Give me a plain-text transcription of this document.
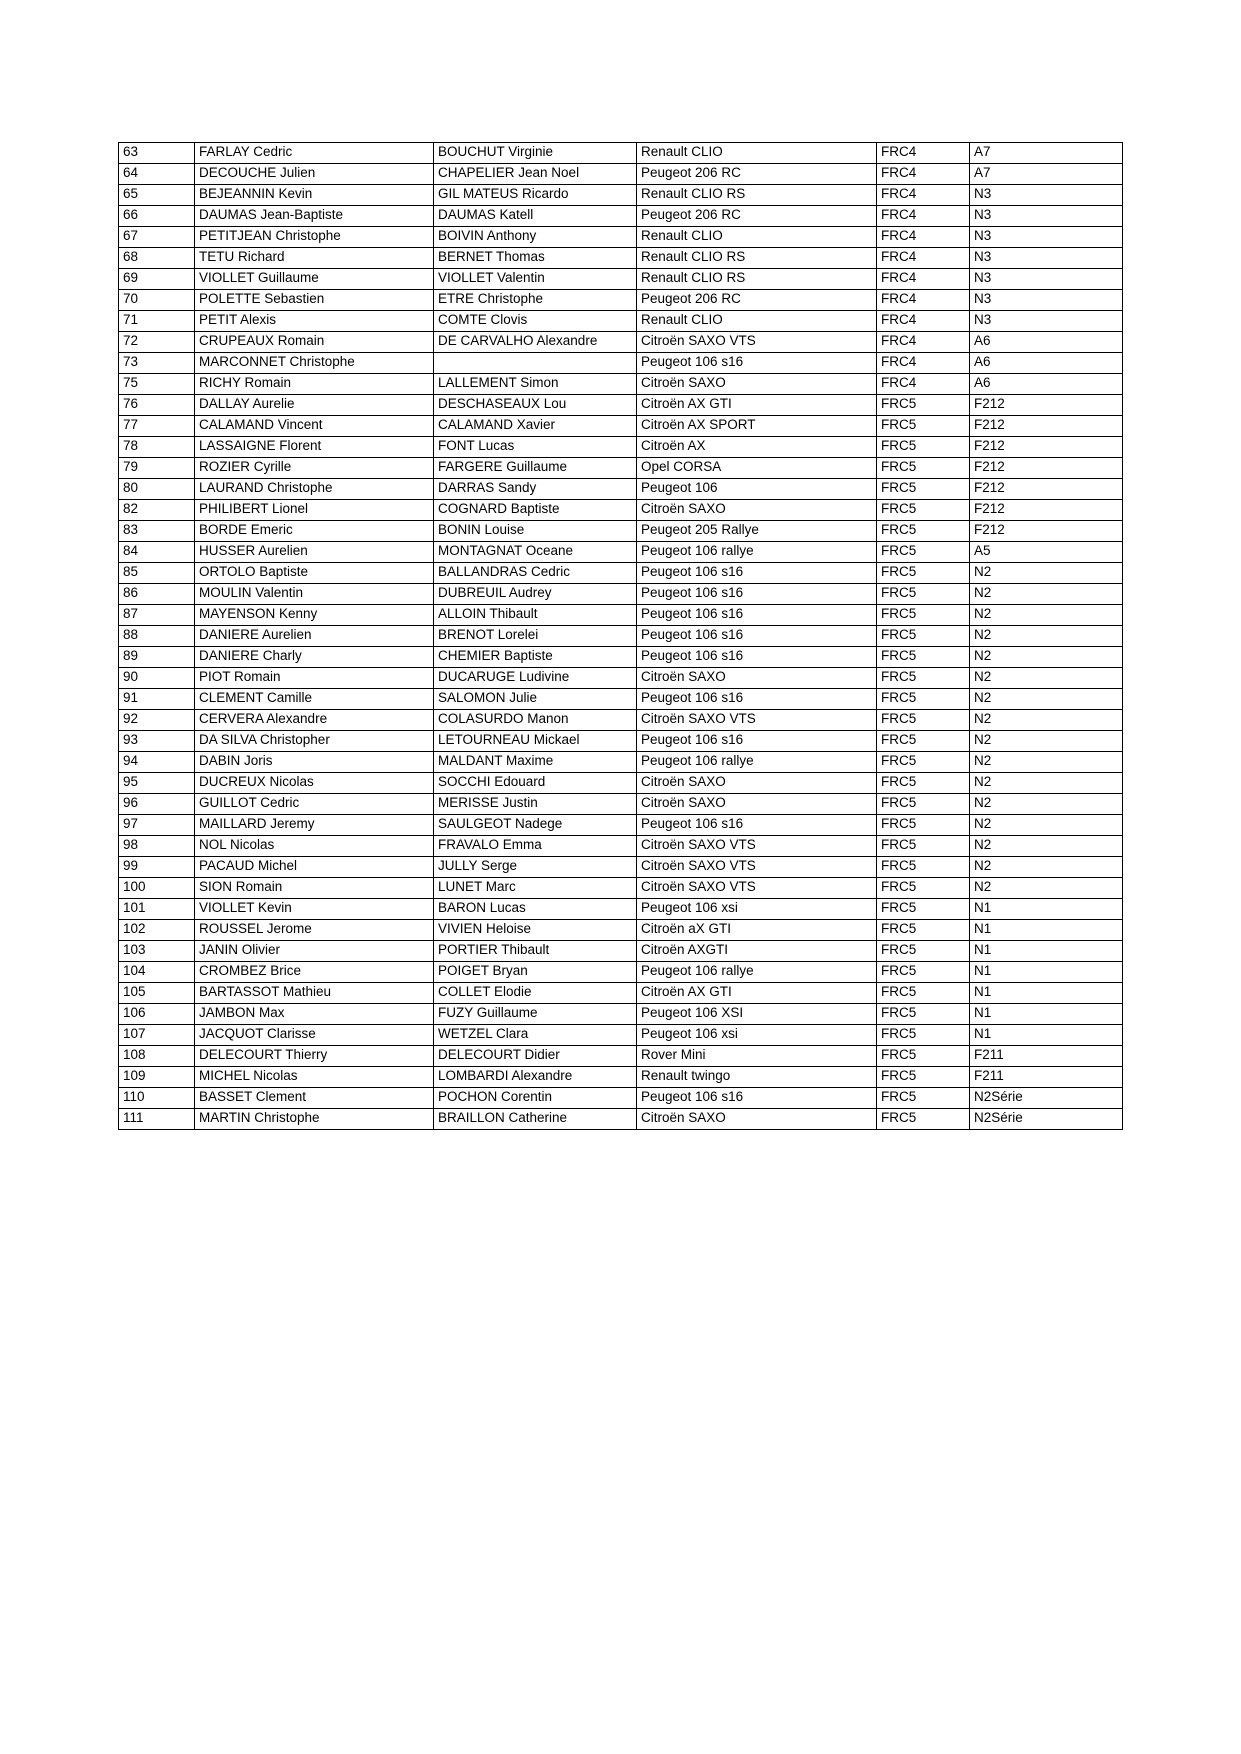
63	FARLAY Cedric	BOUCHUT Virginie	Renault CLIO	FRC4	A7
64	DECOUCHE Julien	CHAPELIER Jean Noel	Peugeot 206 RC	FRC4	A7
65	BEJEANNIN Kevin	GIL MATEUS Ricardo	Renault CLIO RS	FRC4	N3
66	DAUMAS Jean-Baptiste	DAUMAS Katell	Peugeot 206 RC	FRC4	N3
67	PETITJEAN Christophe	BOIVIN Anthony	Renault CLIO	FRC4	N3
68	TETU Richard	BERNET Thomas	Renault CLIO RS	FRC4	N3
69	VIOLLET Guillaume	VIOLLET Valentin	Renault CLIO RS	FRC4	N3
70	POLETTE Sebastien	ETRE Christophe	Peugeot 206 RC	FRC4	N3
71	PETIT Alexis	COMTE Clovis	Renault CLIO	FRC4	N3
72	CRUPEAUX Romain	DE CARVALHO Alexandre	Citroën SAXO VTS	FRC4	A6
73	MARCONNET Christophe		Peugeot 106 s16	FRC4	A6
75	RICHY Romain	LALLEMENT Simon	Citroën SAXO	FRC4	A6
76	DALLAY Aurelie	DESCHASEAUX Lou	Citroën AX GTI	FRC5	F212
77	CALAMAND Vincent	CALAMAND Xavier	Citroën AX SPORT	FRC5	F212
78	LASSAIGNE Florent	FONT Lucas	Citroën AX	FRC5	F212
79	ROZIER Cyrille	FARGERE Guillaume	Opel CORSA	FRC5	F212
80	LAURAND Christophe	DARRAS Sandy	Peugeot 106	FRC5	F212
82	PHILIBERT Lionel	COGNARD Baptiste	Citroën SAXO	FRC5	F212
83	BORDE Emeric	BONIN Louise	Peugeot 205 Rallye	FRC5	F212
84	HUSSER Aurelien	MONTAGNAT Oceane	Peugeot 106 rallye	FRC5	A5
85	ORTOLO Baptiste	BALLANDRAS Cedric	Peugeot 106 s16	FRC5	N2
86	MOULIN Valentin	DUBREUIL Audrey	Peugeot 106 s16	FRC5	N2
87	MAYENSON Kenny	ALLOIN Thibault	Peugeot 106 s16	FRC5	N2
88	DANIERE Aurelien	BRENOT Lorelei	Peugeot 106 s16	FRC5	N2
89	DANIERE Charly	CHEMIER Baptiste	Peugeot 106 s16	FRC5	N2
90	PIOT Romain	DUCARUGE Ludivine	Citroën SAXO	FRC5	N2
91	CLEMENT Camille	SALOMON Julie	Peugeot 106 s16	FRC5	N2
92	CERVERA Alexandre	COLASURDO Manon	Citroën SAXO VTS	FRC5	N2
93	DA SILVA Christopher	LETOURNEAU Mickael	Peugeot 106 s16	FRC5	N2
94	DABIN Joris	MALDANT Maxime	Peugeot 106 rallye	FRC5	N2
95	DUCREUX Nicolas	SOCCHI Edouard	Citroën SAXO	FRC5	N2
96	GUILLOT Cedric	MERISSE Justin	Citroën SAXO	FRC5	N2
97	MAILLARD Jeremy	SAULGEOT Nadege	Peugeot 106 s16	FRC5	N2
98	NOL Nicolas	FRAVALO Emma	Citroën SAXO VTS	FRC5	N2
99	PACAUD Michel	JULLY Serge	Citroën SAXO VTS	FRC5	N2
100	SION Romain	LUNET Marc	Citroën SAXO VTS	FRC5	N2
101	VIOLLET Kevin	BARON Lucas	Peugeot 106 xsi	FRC5	N1
102	ROUSSEL Jerome	VIVIEN Heloise	Citroën aX GTI	FRC5	N1
103	JANIN Olivier	PORTIER Thibault	Citroën AXGTI	FRC5	N1
104	CROMBEZ Brice	POIGET Bryan	Peugeot 106 rallye	FRC5	N1
105	BARTASSOT Mathieu	COLLET Elodie	Citroën AX GTI	FRC5	N1
106	JAMBON Max	FUZY Guillaume	Peugeot 106 XSI	FRC5	N1
107	JACQUOT Clarisse	WETZEL Clara	Peugeot 106 xsi	FRC5	N1
108	DELECOURT Thierry	DELECOURT Didier	Rover Mini	FRC5	F211
109	MICHEL Nicolas	LOMBARDI Alexandre	Renault twingo	FRC5	F211
110	BASSET Clement	POCHON Corentin	Peugeot 106 s16	FRC5	N2Série
111	MARTIN Christophe	BRAILLON Catherine	Citroën SAXO	FRC5	N2Série
